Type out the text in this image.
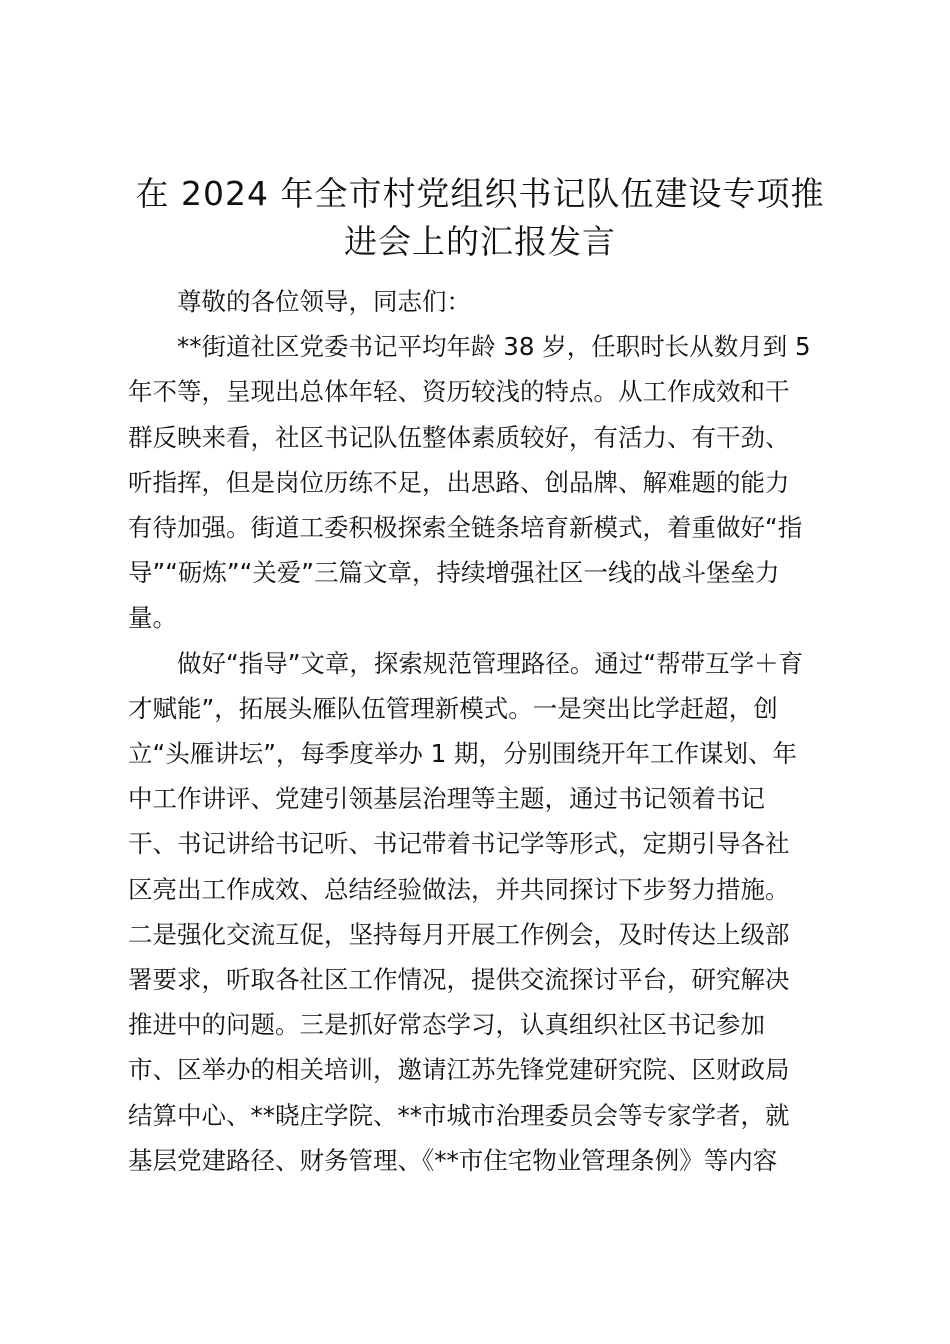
在 2024 年全市村党组织书记队伍建设专项推
进会上的汇报发言
尊敬的各位领导，同志们：
**街道社区党委书记平均年龄 38 岁，任职时长从数月到 5
年不等，呈现出总体年轻、资历较浅的特点。从工作成效和干
群反映来看，社区书记队伍整体素质较好，有活力、有干劲、
听指挥，但是岗位历练不足，出思路、创品牌、解难题的能力
有待加强。街道工委积极探索全链条培育新模式，着重做好“指
导”“砺炼”“关爱”三篇文章，持续增强社区一线的战斗堡垒力
量。
做好“指导”文章，探索规范管理路径。通过“帮带互学＋育
才赋能”，拓展头雁队伍管理新模式。一是突出比学赶超，创
立“头雁讲坛”，每季度举办 1 期，分别围绕开年工作谋划、年
中工作讲评、党建引领基层治理等主题，通过书记领着书记
干、书记讲给书记听、书记带着书记学等形式，定期引导各社
区亮出工作成效、总结经验做法，并共同探讨下步努力措施。
二是强化交流互促，坚持每月开展工作例会，及时传达上级部
署要求，听取各社区工作情况，提供交流探讨平台，研究解决
推进中的问题。三是抓好常态学习，认真组织社区书记参加
市、区举办的相关培训，邀请江苏先锋党建研究院、区财政局
结算中心、**晓庄学院、**市城市治理委员会等专家学者，就
基层党建路径、财务管理、《**市住宅物业管理条例》等内容
